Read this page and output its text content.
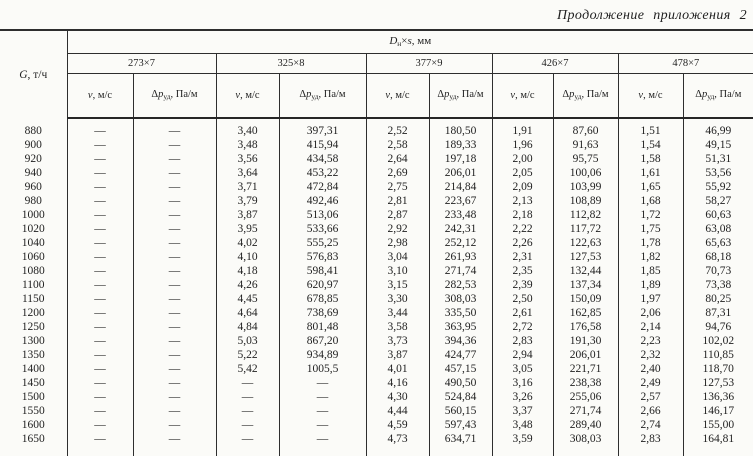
Продолжение приложения 2
G, т/ч	$D_н\times s$, мм									
	273×7		325×8		377×9		426×7		478×7	
	v, м/с	$\Delta p_{уд}$, Па/м	v, м/с	$\Delta p_{уд}$, Па/м	v, м/с	$\Delta p_{уд}$, Па/м	v, м/с	$\Delta p_{уд}$, Па/м	v, м/с	$\Delta p_{уд}$, Па/м
880	—	—	3,40	397,31	2,52	180,50	1,91	87,60	1,51	46,99
900	—	—	3,48	415,94	2,58	189,33	1,96	91,63	1,54	49,15
920	—	—	3,56	434,58	2,64	197,18	2,00	95,75	1,58	51,31
940	—	—	3,64	453,22	2,69	206,01	2,05	100,06	1,61	53,56
960	—	—	3,71	472,84	2,75	214,84	2,09	103,99	1,65	55,92
980	—	—	3,79	492,46	2,81	223,67	2,13	108,89	1,68	58,27
1000	—	—	3,87	513,06	2,87	233,48	2,18	112,82	1,72	60,63
1020	—	—	3,95	533,66	2,92	242,31	2,22	117,72	1,75	63,08
1040	—	—	4,02	555,25	2,98	252,12	2,26	122,63	1,78	65,63
1060	—	—	4,10	576,83	3,04	261,93	2,31	127,53	1,82	68,18
1080	—	—	4,18	598,41	3,10	271,74	2,35	132,44	1,85	70,73
1100	—	—	4,26	620,97	3,15	282,53	2,39	137,34	1,89	73,38
1150	—	—	4,45	678,85	3,30	308,03	2,50	150,09	1,97	80,25
1200	—	—	4,64	738,69	3,44	335,50	2,61	162,85	2,06	87,31
1250	—	—	4,84	801,48	3,58	363,95	2,72	176,58	2,14	94,76
1300	—	—	5,03	867,20	3,73	394,36	2,83	191,30	2,23	102,02
1350	—	—	5,22	934,89	3,87	424,77	2,94	206,01	2,32	110,85
1400	—	—	5,42	1005,5	4,01	457,15	3,05	221,71	2,40	118,70
1450	—	—	—	—	4,16	490,50	3,16	238,38	2,49	127,53
1500	—	—	—	—	4,30	524,84	3,26	255,06	2,57	136,36
1550	—	—	—	—	4,44	560,15	3,37	271,74	2,66	146,17
1600	—	—	—	—	4,59	597,43	3,48	289,40	2,74	155,00
1650	—	—	—	—	4,73	634,71	3,59	308,03	2,83	164,81
